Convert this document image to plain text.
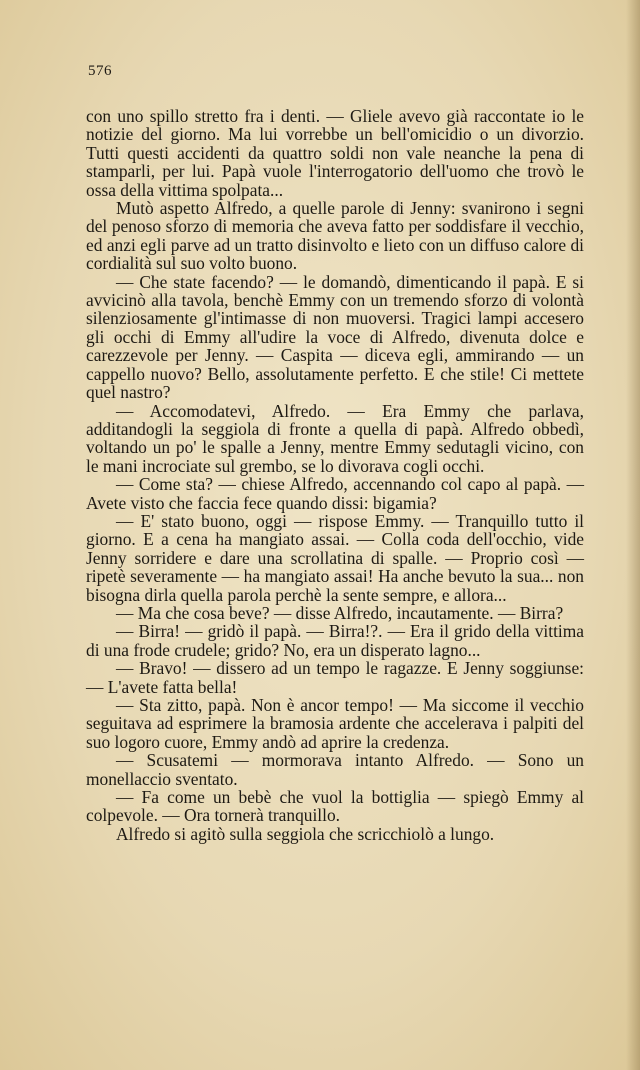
576

con uno spillo stretto fra i denti. — Gliele avevo già raccontate io le notizie del giorno. Ma lui vorrebbe un bell'omicidio o un divorzio. Tutti questi accidenti da quattro soldi non vale neanche la pena di stamparli, per lui. Papà vuole l'interrogatorio dell'uomo che trovò le ossa della vittima spolpata...

Mutò aspetto Alfredo, a quelle parole di Jenny: svanirono i segni del penoso sforzo di memoria che aveva fatto per soddisfare il vecchio, ed anzi egli parve ad un tratto disinvolto e lieto con un diffuso calore di cordialità sul suo volto buono.

— Che state facendo? — le domandò, dimenticando il papà. E si avvicinò alla tavola, benchè Emmy con un tremendo sforzo di volontà silenziosamente gl'intimasse di non muoversi. Tragici lampi accesero gli occhi di Emmy all'udire la voce di Alfredo, divenuta dolce e carezzevole per Jenny. — Caspita — diceva egli, ammirando — un cappello nuovo? Bello, assolutamente perfetto. E che stile! Ci mettete quel nastro?

— Accomodatevi, Alfredo. — Era Emmy che parlava, additandogli la seggiola di fronte a quella di papà. Alfredo obbedì, voltando un po' le spalle a Jenny, mentre Emmy sedutagli vicino, con le mani incrociate sul grembo, se lo divorava cogli occhi.

— Come sta? — chiese Alfredo, accennando col capo al papà. — Avete visto che faccia fece quando dissi: bigamia?

— E' stato buono, oggi — rispose Emmy. — Tranquillo tutto il giorno. E a cena ha mangiato assai. — Colla coda dell'occhio, vide Jenny sorridere e dare una scrollatina di spalle. — Proprio così — ripetè severamente — ha mangiato assai! Ha anche bevuto la sua... non bisogna dirla quella parola perchè la sente sempre, e allora...

— Ma che cosa beve? — disse Alfredo, incautamente. — Birra?

— Birra! — gridò il papà. — Birra!?. — Era il grido della vittima di una frode crudele; grido? No, era un disperato lagno...

— Bravo! — dissero ad un tempo le ragazze. E Jenny soggiunse: — L'avete fatta bella!

— Sta zitto, papà. Non è ancor tempo! — Ma siccome il vecchio seguitava ad esprimere la bramosia ardente che accelerava i palpiti del suo logoro cuore, Emmy andò ad aprire la credenza.

— Scusatemi — mormorava intanto Alfredo. — Sono un monellaccio sventato.

— Fa come un bebè che vuol la bottiglia — spiegò Emmy al colpevole. — Ora tornerà tranquillo.

Alfredo si agitò sulla seggiola che scricchiolò a lungo.
